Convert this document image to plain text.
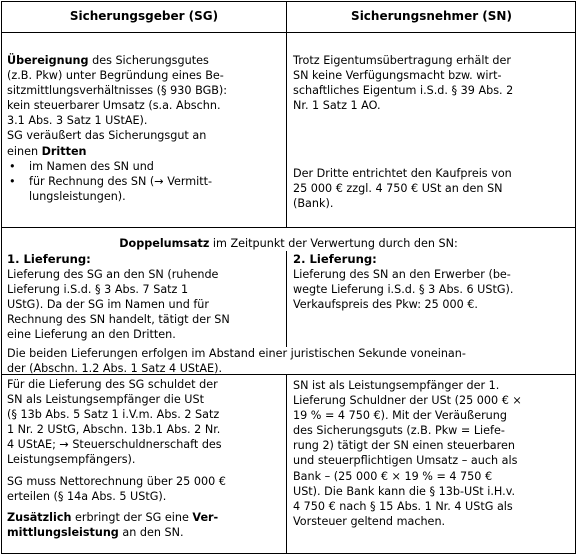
Sicherungsgeber (SG)	Sicherungsnehmer (SN)

Übereignung des Sicherungsgutes

(z.B. Pkw) unter Begründung eines Be-

sitzmittlungsverhältnisses (§ 930 BGB):

kein steuerbarer Umsatz (s.a. Abschn.

3.1 Abs. 3 Satz 1 UStAE).

SG veräußert das Sicherungsgut an

einen Dritten

• im Namen des SN und
• für Rechnung des SN (→ Vermitt-

lungsleistungen).

Trotz Eigentumsübertragung erhält der

SN keine Verfügungsmacht bzw. wirt-

schaftliches Eigentum i.S.d. § 39 Abs. 2

Nr. 1 Satz 1 AO.

Der Dritte entrichtet den Kaufpreis von

25 000 € zzgl. 4 750 € USt an den SN

(Bank).

Doppelumsatz im Zeitpunkt der Verwertung durch den SN:

1. Lieferung:

Lieferung des SG an den SN (ruhende

Lieferung i.S.d. § 3 Abs. 7 Satz 1

UStG). Da der SG im Namen und für

Rechnung des SN handelt, tätigt der SN

eine Lieferung an den Dritten.

2. Lieferung:

Lieferung des SN an den Erwerber (be-

wegte Lieferung i.S.d. § 3 Abs. 6 UStG).

Verkaufspreis des Pkw: 25 000 €.

Die beiden Lieferungen erfolgen im Abstand einer juristischen Sekunde voneinan-

der (Abschn. 1.2 Abs. 1 Satz 4 UStAE).

Für die Lieferung des SG schuldet der

SN als Leistungsempfänger die USt

(§ 13b Abs. 5 Satz 1 i.V.m. Abs. 2 Satz

1 Nr. 2 UStG, Abschn. 13b.1 Abs. 2 Nr.

4 UStAE; → Steuerschuldnerschaft des

Leistungsempfängers).

SG muss Nettorechnung über 25 000 €

erteilen (§ 14a Abs. 5 UStG).

Zusätzlich erbringt der SG eine Ver-

mittlungsleistung an den SN.

SN ist als Leistungsempfänger der 1.

Lieferung Schuldner der USt (25 000 € ×

19 % = 4 750 €). Mit der Veräußerung

des Sicherungsguts (z.B. Pkw = Liefe-

rung 2) tätigt der SN einen steuerbaren

und steuerpflichtigen Umsatz – auch als

Bank – (25 000 € × 19 % = 4 750 €

USt). Die Bank kann die § 13b-USt i.H.v.

4 750 € nach § 15 Abs. 1 Nr. 4 UStG als

Vorsteuer geltend machen.
